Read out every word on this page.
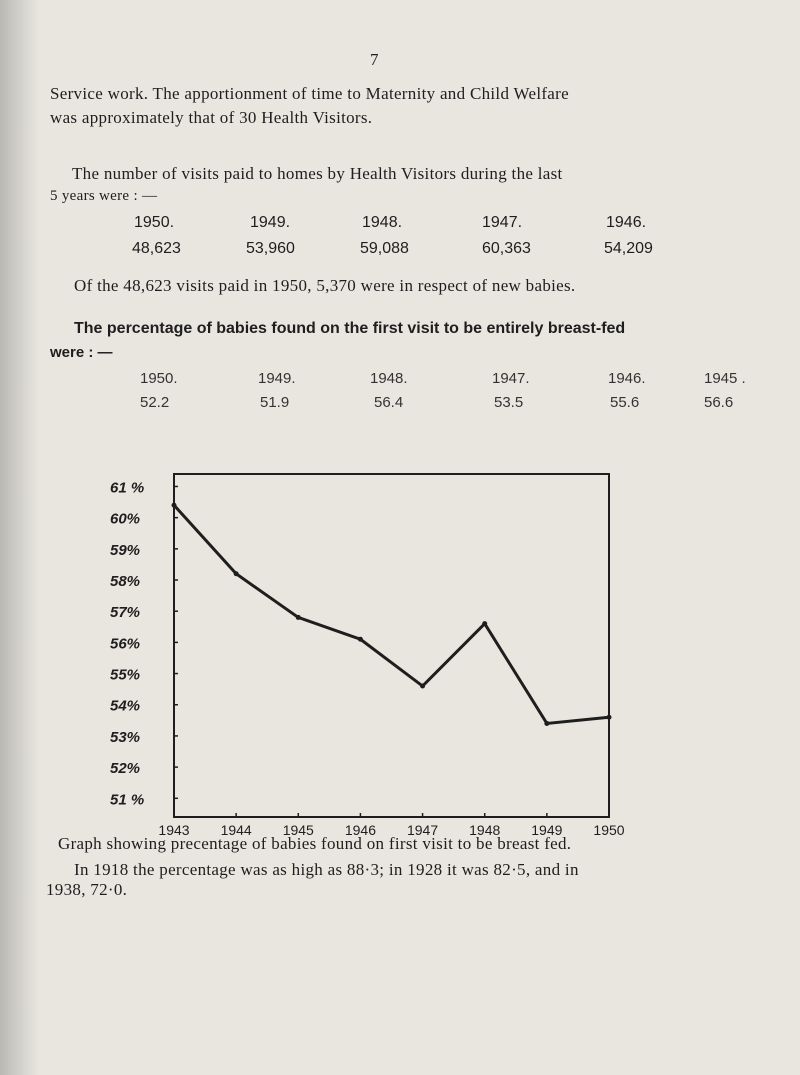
7
Service work. The apportionment of time to Maternity and Child Welfare
was approximately that of 30 Health Visitors.
The number of visits paid to homes by Health Visitors during the last
5 years were : —
1950.	1949.	1948.	1947.	1946.
48,623	53,960	59,088	60,363	54,209
Of the 48,623 visits paid in 1950, 5,370 were in respect of new babies.
The percentage of babies found on the first visit to be entirely breast-fed
were : —
1950.	1949.	1948.	1947.	1946.	1945 .
52.2	51.9	56.4	53.5	55.6	56.6
61 %
60%
59%
58%
57%
56%
55%
54%
53%
52%
51 %
1943 1944 1945 1946 1947 1948 1949 1950
Graph showing precentage of babies found on first visit to be breast fed.
In 1918 the percentage was as high as 88·3; in 1928 it was 82·5, and in
1938, 72·0.
